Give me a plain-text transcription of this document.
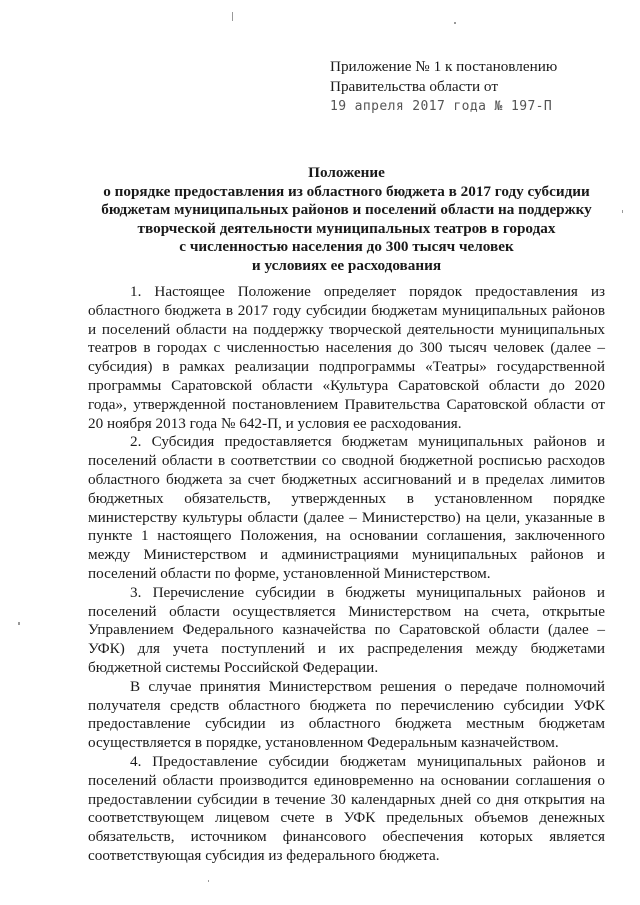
Приложение № 1 к постановлению
Правительства области от
19 апреля 2017 года № 197-П
Положение
о порядке предоставления из областного бюджета в 2017 году субсидии
бюджетам муниципальных районов и поселений области на поддержку
творческой деятельности муниципальных театров в городах
с численностью населения до 300 тысяч человек
и условиях ее расходования

1. Настоящее Положение определяет порядок предоставления из областного бюджета в 2017 году субсидии бюджетам муниципальных районов и поселений области на поддержку творческой деятельности муниципальных театров в городах с численностью населения до 300 тысяч человек (далее – субсидия) в рамках реализации подпрограммы «Театры» государственной программы Саратовской области «Культура Саратовской области до 2020 года», утвержденной постановлением Правительства Саратовской области от 20 ноября 2013 года № 642-П, и условия ее расходования.

2. Субсидия предоставляется бюджетам муниципальных районов и поселений области в соответствии со сводной бюджетной росписью расходов областного бюджета за счет бюджетных ассигнований и в пределах лимитов бюджетных обязательств, утвержденных в установленном порядке министерству культуры области (далее – Министерство) на цели, указанные в пункте 1 настоящего Положения, на основании соглашения, заключенного между Министерством и администрациями муниципальных районов и поселений области по форме, установленной Министерством.

3. Перечисление субсидии в бюджеты муниципальных районов и поселений области осуществляется Министерством на счета, открытые Управлением Федерального казначейства по Саратовской области (далее – УФК) для учета поступлений и их распределения между бюджетами бюджетной системы Российской Федерации.

В случае принятия Министерством решения о передаче полномочий получателя средств областного бюджета по перечислению субсидии УФК предоставление субсидии из областного бюджета местным бюджетам осуществляется в порядке, установленном Федеральным казначейством.

4. Предоставление субсидии бюджетам муниципальных районов и поселений области производится единовременно на основании соглашения о предоставлении субсидии в течение 30 календарных дней со дня открытия на соответствующем лицевом счете в УФК предельных объемов денежных обязательств, источником финансового обеспечения которых является соответствующая субсидия из федерального бюджета.
